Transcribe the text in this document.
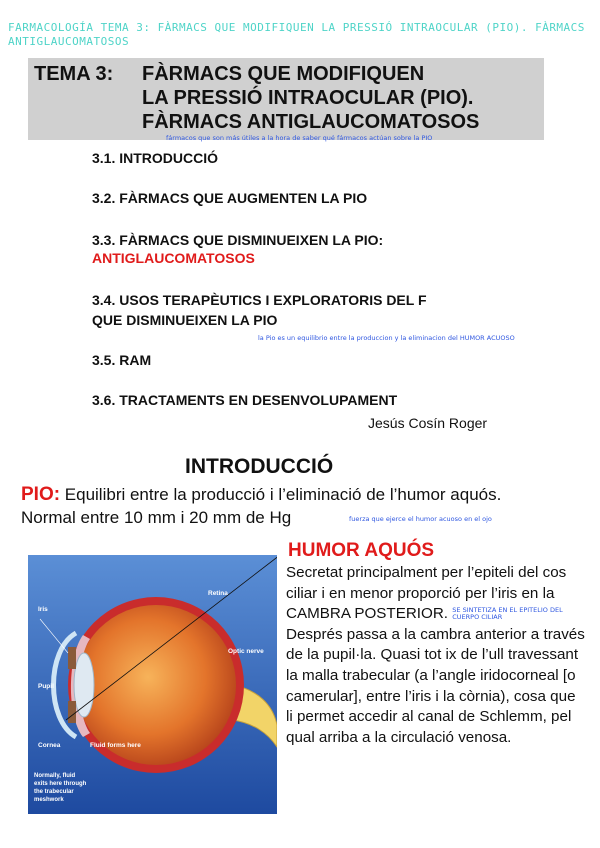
FARMACOLOGÍA TEMA 3: FÀRMACS QUE MODIFIQUEN LA PRESSIÓ INTRAOCULAR (PIO). FÀRMACS ANTIGLAUCOMATOSOS
TEMA 3: FÀRMACS QUE MODIFIQUEN
LA PRESSIÓ INTRAOCULAR (PIO).
FÀRMACS ANTIGLAUCOMATOSOS
fármacos que son más útiles a la hora de saber qué fármacos actúan sobre la PIO
3.1. INTRODUCCIÓ
3.2. FÀRMACS QUE AUGMENTEN LA PIO
3.3. FÀRMACS QUE DISMINUEIXEN LA PIO:
ANTIGLAUCOMATOSOS
3.4. USOS TERAPÈUTICS I EXPLORATORIS DEL F
QUE DISMINUEIXEN LA PIO
la Pio es un equilibrio entre la produccion y la eliminacion del HUMOR ACUOSO
3.5. RAM
3.6. TRACTAMENTS EN DESENVOLUPAMENT
Jesús Cosín Roger
INTRODUCCIÓ
PIO: Equilibri entre la producció i l’eliminació de l’humor aquós.
Normal entre 10 mm i 20 mm de Hg	fuerza que ejerce el humor acuoso en el ojo
Iris
Retina
Optic nerve
Pupil
Cornea	Fluid forms here
Normally, fluid
exits here through
the trabecular
meshwork
HUMOR AQUÓS

Secretat principalment per l’epiteli del cos ciliar i en menor proporció per l’iris en la CAMBRA POSTERIOR. SE SINTETIZA EN EL EPITELIO DEL
CUERPO CILIAR

Després passa a la cambra anterior a través de la pupil·la. Quasi tot ix de l’ull travessant la malla trabecular (a l’angle iridocorneal [o camerular], entre l’iris i la còrnia), cosa que li permet accedir al canal de Schlemm, pel qual arriba a la circulació venosa.
